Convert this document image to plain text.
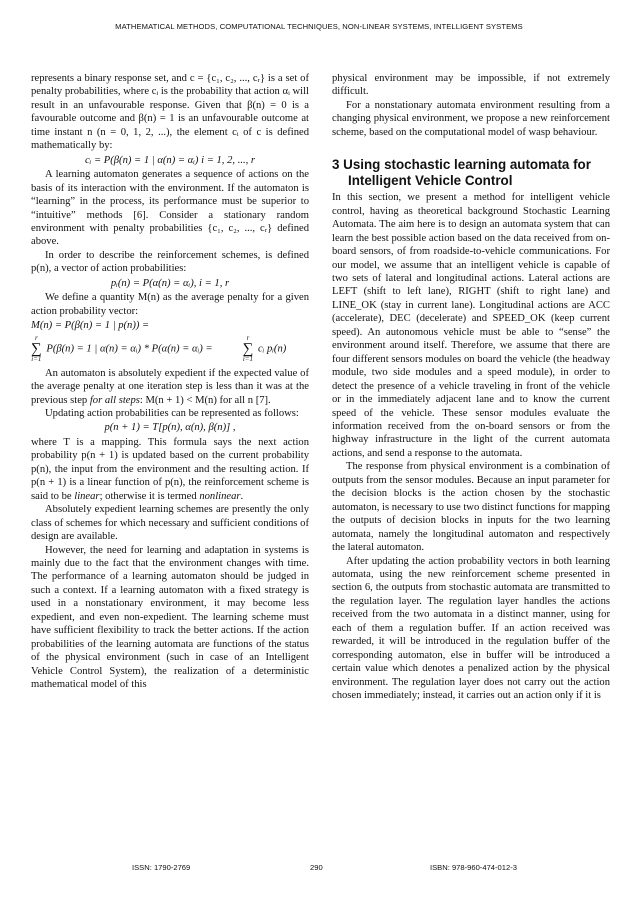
MATHEMATICAL METHODS, COMPUTATIONAL TECHNIQUES, NON-LINEAR SYSTEMS, INTELLIGENT SYSTEMS

represents a binary response set, and c = {c₁, c₂, ..., cᵣ} is a set of penalty probabilities, where cᵢ is the probability that action αᵢ will result in an unfavourable response. Given that β(n) = 0 is a favourable outcome and β(n) = 1 is an unfavourable outcome at time instant n (n = 0, 1, 2, ...), the element cᵢ of c is defined mathematically by:

cᵢ = P(β(n) = 1 | α(n) = αᵢ) i = 1, 2, ..., r

A learning automaton generates a sequence of actions on the basis of its interaction with the environment. If the automaton is “learning” in the process, its performance must be superior to “intuitive” methods [6]. Consider a stationary random environment with penalty probabilities {c₁, c₂, ..., cᵣ} defined above.

In order to describe the reinforcement schemes, is defined p(n), a vector of action probabilities:

pᵢ(n) = P(α(n) = αᵢ), i = 1, r

We define a quantity M(n) as the average penalty for a given action probability vector:

M(n) = P(β(n) = 1 | p(n)) =

r
∑
i=1
P(β(n) = 1 | α(n) = αᵢ) * P(α(n) = αᵢ) =
r
∑
i=1
cᵢ pᵢ(n)

An automaton is absolutely expedient if the expected value of the average penalty at one iteration step is less than it was at the previous step for all steps: M(n + 1) < M(n) for all n [7].

Updating action probabilities can be represented as follows:

p(n + 1) = T[p(n), α(n), β(n)] ,

where T is a mapping. This formula says the next action probability p(n + 1) is updated based on the current probability p(n), the input from the environment and the resulting action. If p(n + 1) is a linear function of p(n), the reinforcement scheme is said to be linear; otherwise it is termed nonlinear.

Absolutely expedient learning schemes are presently the only class of schemes for which necessary and sufficient conditions of design are available.

However, the need for learning and adaptation in systems is mainly due to the fact that the environment changes with time. The performance of a learning automaton should be judged in such a context. If a learning automaton with a fixed strategy is used in a nonstationary environment, it may become less expedient, and even non-expedient. The learning scheme must have sufficient flexibility to track the better actions. If the action probabilities of the learning automata are functions of the status of the physical environment (such in case of an Intelligent Vehicle Control System), the realization of a deterministic mathematical model of this

physical environment may be impossible, if not extremely difficult.

For a nonstationary automata environment resulting from a changing physical environment, we propose a new reinforcement scheme, based on the computational model of wasp behaviour.

3 Using stochastic learning automata for
Intelligent Vehicle Control

In this section, we present a method for intelligent vehicle control, having as theoretical background Stochastic Learning Automata. The aim here is to design an automata system that can learn the best possible action based on the data received from on-board sensors, of from roadside-to-vehicle communications. For our model, we assume that an intelligent vehicle is capable of two sets of lateral and longitudinal actions. Lateral actions are LEFT (shift to left lane), RIGHT (shift to right lane) and LINE_OK (stay in current lane). Longitudinal actions are ACC (accelerate), DEC (decelerate) and SPEED_OK (keep current speed). An autonomous vehicle must be able to “sense” the environment around itself. Therefore, we assume that there are four different sensors modules on board the vehicle (the headway module, two side modules and a speed module), in order to detect the presence of a vehicle traveling in front of the vehicle or in the immediately adjacent lane and to know the current speed of the vehicle. These sensor modules evaluate the information received from the on-board sensors or from the highway infrastructure in the light of the current automata actions, and send a response to the automata.

The response from physical environment is a combination of outputs from the sensor modules. Because an input parameter for the decision blocks is the action chosen by the stochastic automaton, is necessary to use two distinct functions for mapping the outputs of decision blocks in inputs for the two learning automata, namely the longitudinal automaton and respectively the lateral automaton.

After updating the action probability vectors in both learning automata, using the new reinforcement scheme presented in section 6, the outputs from stochastic automata are transmitted to the regulation layer. The regulation layer handles the actions received from the two automata in a distinct manner, using for each of them a regulation buffer. If an action received was rewarded, it will be introduced in the regulation buffer of the corresponding automaton, else in buffer will be introduced a certain value which denotes a penalized action by the physical environment. The regulation layer does not carry out the action chosen immediately; instead, it carries out an action only if it is

ISSN: 1790-2769	290	ISBN: 978-960-474-012-3
